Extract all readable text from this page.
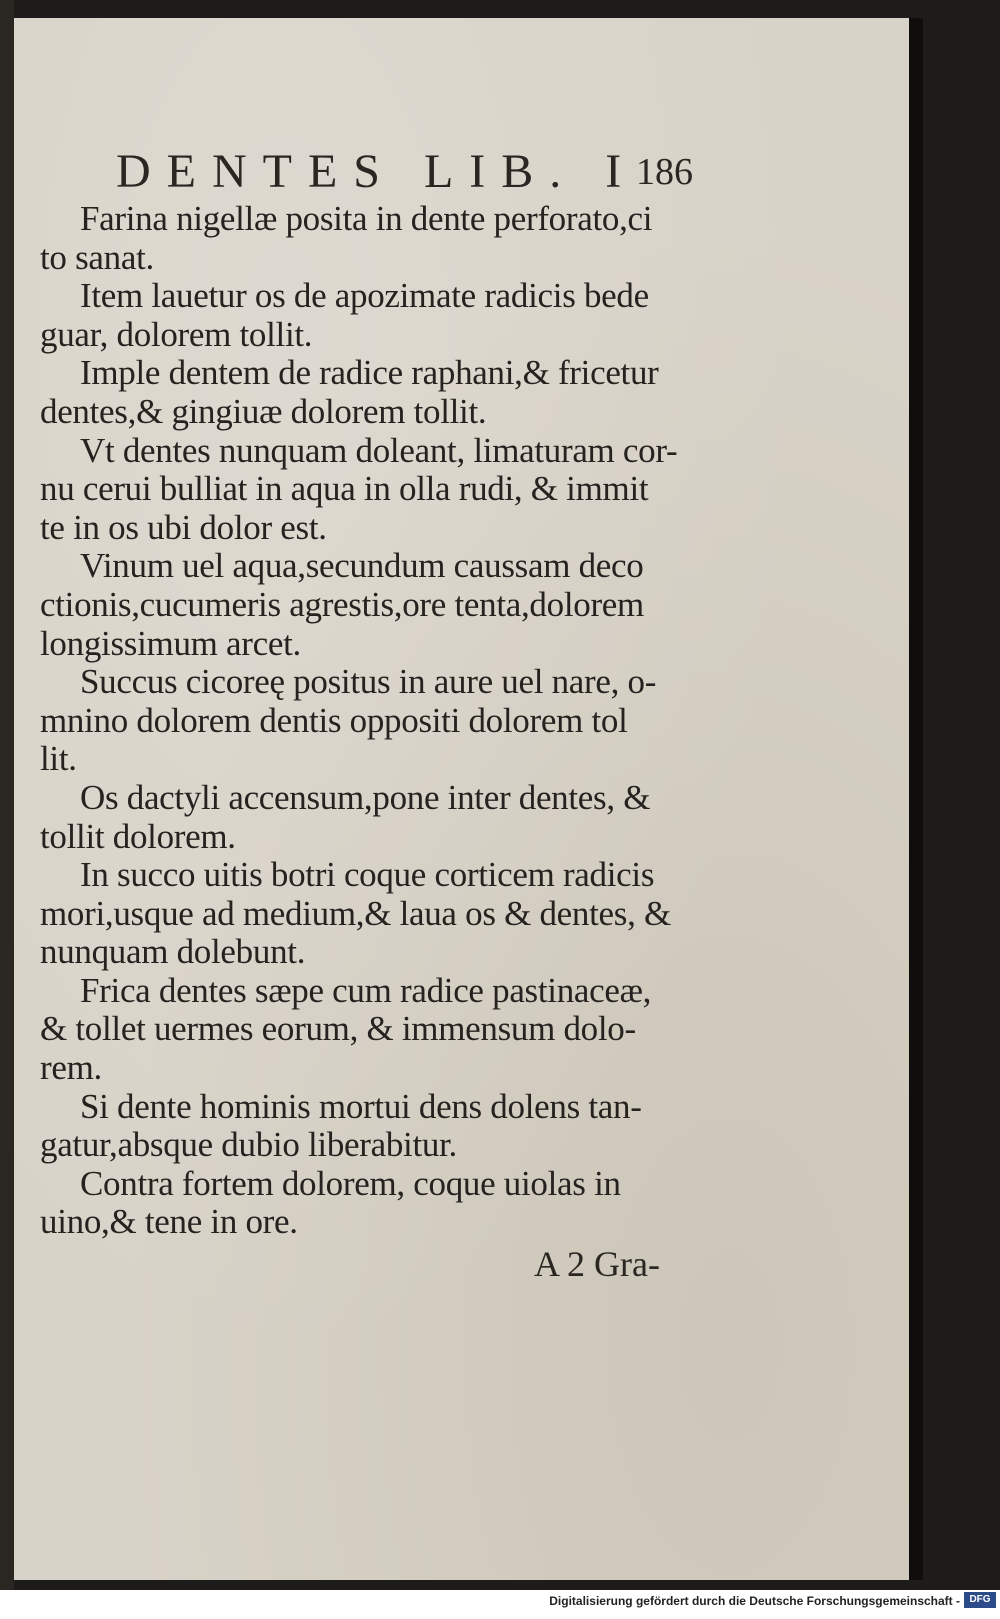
DENTES LIB. I
186
Farina nigellæ posita in dente perforato,ci
to sanat.
Item lauetur os de apozimate radicis bede
guar, dolorem tollit.
Imple dentem de radice raphani,& fricetur
dentes,& gingiuæ dolorem tollit.
Vt dentes nunquam doleant, limaturam cor-
nu cerui bulliat in aqua in olla rudi, & immit
te in os ubi dolor est.
Vinum uel aqua,secundum caussam deco
ctionis,cucumeris agrestis,ore tenta,dolorem
longissimum arcet.
Succus cicoreę positus in aure uel nare, o-
mnino dolorem dentis oppositi dolorem tol
lit.
Os dactyli accensum,pone inter dentes, &
tollit dolorem.
In succo uitis botri coque corticem radicis
mori,usque ad medium,& laua os & dentes, &
nunquam dolebunt.
Frica dentes sæpe cum radice pastinaceæ,
& tollet uermes eorum, & immensum dolo-
rem.
Si dente hominis mortui dens dolens tan-
gatur,absque dubio liberabitur.
Contra fortem dolorem, coque uiolas in
uino,& tene in ore.
A 2 Gra-
Digitalisierung gefördert durch die Deutsche Forschungsgemeinschaft - DFG
